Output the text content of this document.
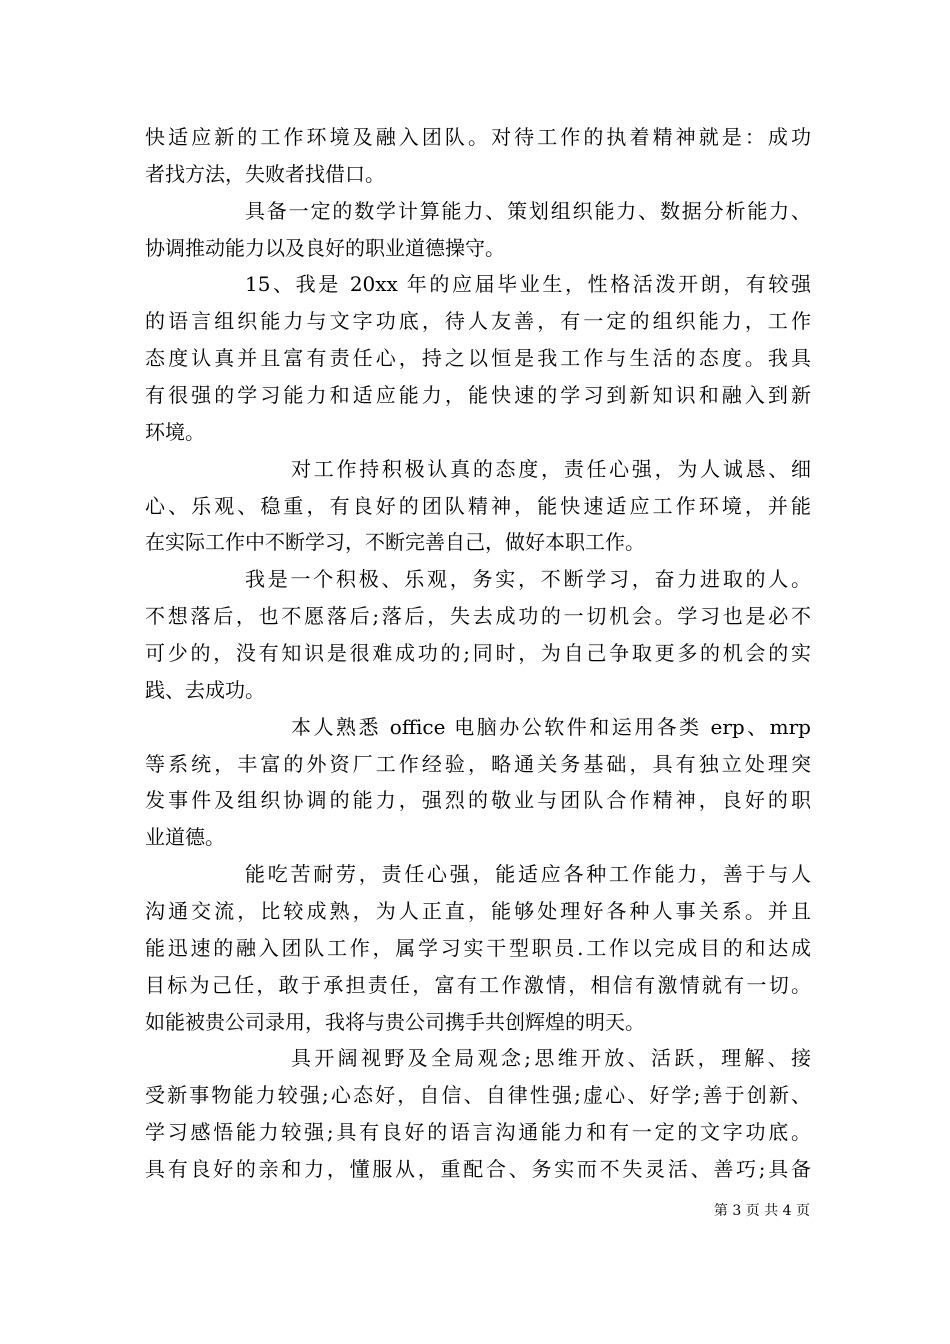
快适应新的工作环境及融入团队。对待工作的执着精神就是：成功
者找方法，失败者找借口。
具备一定的数学计算能力、策划组织能力、数据分析能力、
协调推动能力以及良好的职业道德操守。
15、我是 20xx 年的应届毕业生，性格活泼开朗，有较强
的语言组织能力与文字功底，待人友善，有一定的组织能力，工作
态度认真并且富有责任心，持之以恒是我工作与生活的态度。我具
有很强的学习能力和适应能力，能快速的学习到新知识和融入到新
环境。
对工作持积极认真的态度，责任心强，为人诚恳、细
心、乐观、稳重，有良好的团队精神，能快速适应工作环境，并能
在实际工作中不断学习，不断完善自己，做好本职工作。
我是一个积极、乐观，务实，不断学习，奋力进取的人。
不想落后，也不愿落后;落后，失去成功的一切机会。学习也是必不
可少的，没有知识是很难成功的;同时，为自己争取更多的机会的实
践、去成功。
本人熟悉 office 电脑办公软件和运用各类 erp、mrp
等系统，丰富的外资厂工作经验，略通关务基础，具有独立处理突
发事件及组织协调的能力，强烈的敬业与团队合作精神，良好的职
业道德。
能吃苦耐劳，责任心强，能适应各种工作能力，善于与人
沟通交流，比较成熟，为人正直，能够处理好各种人事关系。并且
能迅速的融入团队工作，属学习实干型职员.工作以完成目的和达成
目标为己任，敢于承担责任，富有工作激情，相信有激情就有一切。
如能被贵公司录用，我将与贵公司携手共创辉煌的明天。
具开阔视野及全局观念;思维开放、活跃，理解、接
受新事物能力较强;心态好，自信、自律性强;虚心、好学;善于创新、
学习感悟能力较强;具有良好的语言沟通能力和有一定的文字功底。
具有良好的亲和力，懂服从，重配合、务实而不失灵活、善巧;具备
第 3 页 共 4 页
